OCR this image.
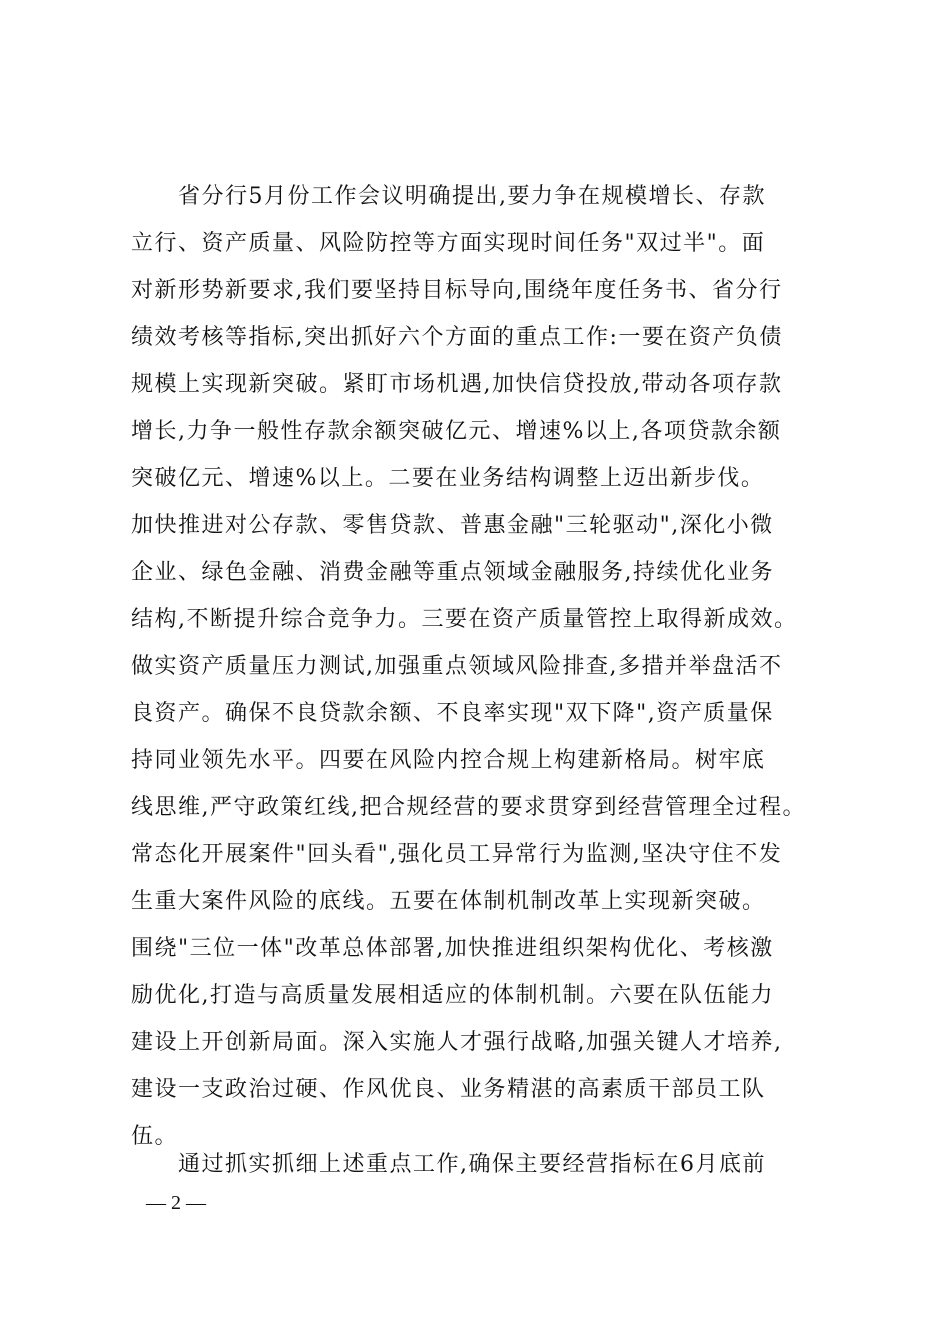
省分行5月份工作会议明确提出,要力争在规模增长、存款
立行、资产质量、风险防控等方面实现时间任务"双过半"。面
对新形势新要求,我们要坚持目标导向,围绕年度任务书、省分行
绩效考核等指标,突出抓好六个方面的重点工作:一要在资产负债
规模上实现新突破。紧盯市场机遇,加快信贷投放,带动各项存款
增长,力争一般性存款余额突破亿元、增速%以上,各项贷款余额
突破亿元、增速%以上。二要在业务结构调整上迈出新步伐。
加快推进对公存款、零售贷款、普惠金融"三轮驱动",深化小微
企业、绿色金融、消费金融等重点领域金融服务,持续优化业务
结构,不断提升综合竞争力。三要在资产质量管控上取得新成效。
做实资产质量压力测试,加强重点领域风险排查,多措并举盘活不
良资产。确保不良贷款余额、不良率实现"双下降",资产质量保
持同业领先水平。四要在风险内控合规上构建新格局。树牢底
线思维,严守政策红线,把合规经营的要求贯穿到经营管理全过程。
常态化开展案件"回头看",强化员工异常行为监测,坚决守住不发
生重大案件风险的底线。五要在体制机制改革上实现新突破。
围绕"三位一体"改革总体部署,加快推进组织架构优化、考核激
励优化,打造与高质量发展相适应的体制机制。六要在队伍能力
建设上开创新局面。深入实施人才强行战略,加强关键人才培养,
建设一支政治过硬、作风优良、业务精湛的高素质干部员工队
伍。
通过抓实抓细上述重点工作,确保主要经营指标在6月底前
— 2 —
